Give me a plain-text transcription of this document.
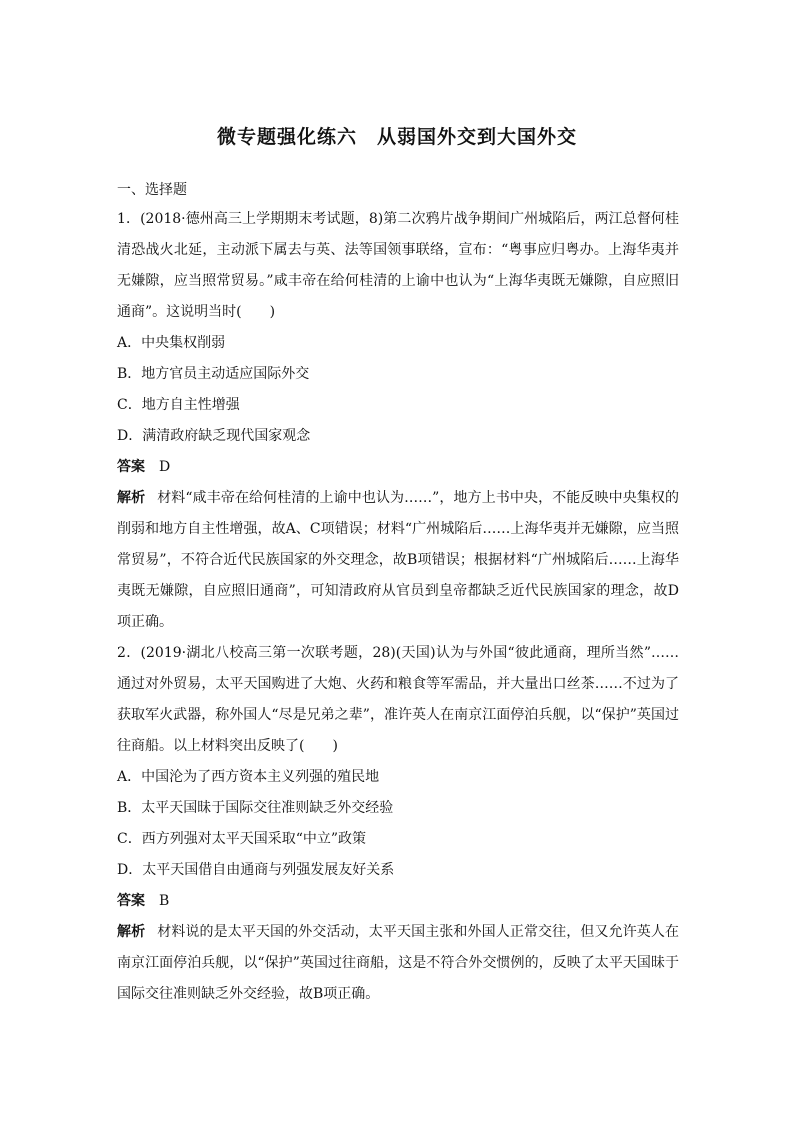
微专题强化练六　从弱国外交到大国外交

一、选择题

1．(2018·德州高三上学期期末考试题，8)第二次鸦片战争期间广州城陷后，两江总督何桂清恐战火北延，主动派下属去与英、法等国领事联络，宣布：“粤事应归粤办。上海华夷并无嫌隙，应当照常贸易。”咸丰帝在给何桂清的上谕中也认为“上海华夷既无嫌隙，自应照旧通商”。这说明当时(　　)

A．中央集权削弱

B．地方官员主动适应国际外交

C．地方自主性增强

D．满清政府缺乏现代国家观念

答案　 D

解析 材料“咸丰帝在给何桂清的上谕中也认为……”，地方上书中央，不能反映中央集权的削弱和地方自主性增强，故A、C项错误；材料“广州城陷后……上海华夷并无嫌隙，应当照常贸易”，不符合近代民族国家的外交理念，故B项错误；根据材料“广州城陷后……上海华夷既无嫌隙，自应照旧通商”，可知清政府从官员到皇帝都缺乏近代民族国家的理念，故D项正确。

2．(2019·湖北八校高三第一次联考题，28)(天国)认为与外国“彼此通商，理所当然”……通过对外贸易，太平天国购进了大炮、火药和粮食等军需品，并大量出口丝茶……不过为了获取军火武器，称外国人“尽是兄弟之辈”，准许英人在南京江面停泊兵舰，以“保护”英国过往商船。以上材料突出反映了(　　)

A．中国沦为了西方资本主义列强的殖民地

B．太平天国昧于国际交往准则缺乏外交经验

C．西方列强对太平天国采取“中立”政策

D．太平天国借自由通商与列强发展友好关系

答案　 B

解析 材料说的是太平天国的外交活动，太平天国主张和外国人正常交往，但又允许英人在南京江面停泊兵舰，以“保护”英国过往商船，这是不符合外交惯例的，反映了太平天国昧于国际交往准则缺乏外交经验，故B项正确。
